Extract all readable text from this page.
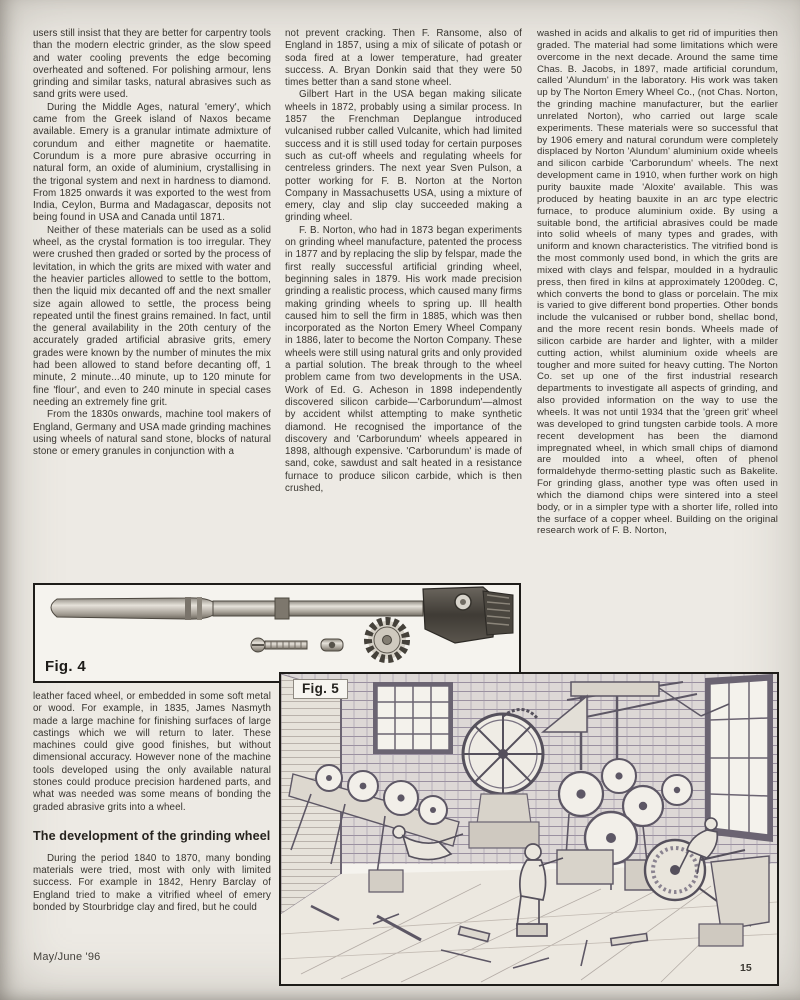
users still insist that they are better for carpentry tools than the modern electric grinder, as the slow speed and water cooling prevents the edge becoming overheated and softened. For polishing armour, lens grinding and similar tasks, natural abrasives such as sand grits were used.

During the Middle Ages, natural 'emery', which came from the Greek island of Naxos became available. Emery is a granular intimate admixture of corundum and either magnetite or haematite. Corundum is a more pure abrasive occurring in natural form, an oxide of aluminium, crystallising in the trigonal system and next in hardness to diamond. From 1825 onwards it was exported to the west from India, Ceylon, Burma and Madagascar, deposits not being found in USA and Canada until 1871.

Neither of these materials can be used as a solid wheel, as the crystal formation is too irregular. They were crushed then graded or sorted by the process of levitation, in which the grits are mixed with water and the heavier particles allowed to settle to the bottom, then the liquid mix decanted off and the next smaller size again allowed to settle, the process being repeated until the finest grains remained. In fact, until the general availability in the 20th century of the accurately graded artificial abrasive grits, emery grades were known by the number of minutes the mix had been allowed to stand before decanting off, 1 minute, 2 minute...40 minute, up to 120 minute for fine 'flour', and even to 240 minute in special cases needing an extremely fine grit.

From the 1830s onwards, machine tool makers of England, Germany and USA made grinding machines using wheels of natural sand stone, blocks of natural stone or emery granules in conjunction with a

not prevent cracking. Then F. Ransome, also of England in 1857, using a mix of silicate of potash or soda fired at a lower temperature, had greater success. A. Bryan Donkin said that they were 50 times better than a sand stone wheel.

Gilbert Hart in the USA began making silicate wheels in 1872, probably using a similar process. In 1857 the Frenchman Deplangue introduced vulcanised rubber called Vulcanite, which had limited success and it is still used today for certain purposes such as cut-off wheels and regulating wheels for centreless grinders. The next year Sven Pulson, a potter working for F. B. Norton at the Norton Company in Massachusetts USA, using a mixture of emery, clay and slip clay succeeded making a grinding wheel.

F. B. Norton, who had in 1873 began experiments on grinding wheel manufacture, patented the process in 1877 and by replacing the slip by felspar, made the first really successful artificial grinding wheel, beginning sales in 1879. His work made precision grinding a realistic process, which caused many firms making grinding wheels to spring up. Ill health caused him to sell the firm in 1885, which was then incorporated as the Norton Emery Wheel Company in 1886, later to become the Norton Company. These wheels were still using natural grits and only provided a partial solution. The break through to the wheel problem came from two developments in the USA. Work of Ed. G. Acheson in 1898 independently discovered silicon carbide—'Carborundum'—almost by accident whilst attempting to make synthetic diamond. He recognised the importance of the discovery and 'Carborundum' wheels appeared in 1898, although expensive. 'Carborundum' is made of sand, coke, sawdust and salt heated in a resistance furnace to produce silicon carbide, which is then crushed,

washed in acids and alkalis to get rid of impurities then graded. The material had some limitations which were overcome in the next decade. Around the same time Chas. B. Jacobs, in 1897, made artificial corundum, called 'Alundum' in the laboratory. His work was taken up by The Norton Emery Wheel Co., (not Chas. Norton, the grinding machine manufacturer, but the earlier unrelated Norton), who carried out large scale experiments. These materials were so successful that by 1906 emery and natural corundum were completely displaced by Norton 'Alundum' aluminium oxide wheels and silicon carbide 'Carborundum' wheels. The next development came in 1910, when further work on high purity bauxite made 'Aloxite' available. This was produced by heating bauxite in an arc type electric furnace, to produce aluminium oxide. By using a suitable bond, the artificial abrasives could be made into solid wheels of many types and grades, with uniform and known characteristics. The vitrified bond is the most commonly used bond, in which the grits are mixed with clays and felspar, moulded in a hydraulic press, then fired in kilns at approximately 1200deg. C, which converts the bond to glass or porcelain. The mix is varied to give different bond properties. Other bonds include the vulcanised or rubber bond, shellac bond, and the more recent resin bonds. Wheels made of silicon carbide are harder and lighter, with a milder cutting action, whilst aluminium oxide wheels are tougher and more suited for heavy cutting. The Norton Co. set up one of the first industrial research departments to investigate all aspects of grinding, and also provided information on the way to use the wheels. It was not until 1934 that the 'green grit' wheel was developed to grind tungsten carbide tools. A more recent development has been the diamond impregnated wheel, in which small chips of diamond are moulded into a wheel, often of phenol formaldehyde thermo-setting plastic such as Bakelite. For grinding glass, another type was often used in which the diamond chips were sintered into a steel body, or in a simpler type with a shorter life, rolled into the surface of a copper wheel. Building on the original research work of F. B. Norton,

Fig. 4

leather faced wheel, or embedded in some soft metal or wood. For example, in 1835, James Nasmyth made a large machine for finishing surfaces of large castings which we will return to later. These machines could give good finishes, but without dimensional accuracy. However none of the machine tools developed using the only available natural stones could produce precision hardened parts, and what was needed was some means of bonding the graded abrasive grits into a wheel.

The development of the grinding wheel

During the period 1840 to 1870, many bonding materials were tried, most with only with limited success. For example in 1842, Henry Barclay of England tried to make a vitrified wheel of emery bonded by Stourbridge clay and fired, but he could

Fig. 5
May/June '96
15
